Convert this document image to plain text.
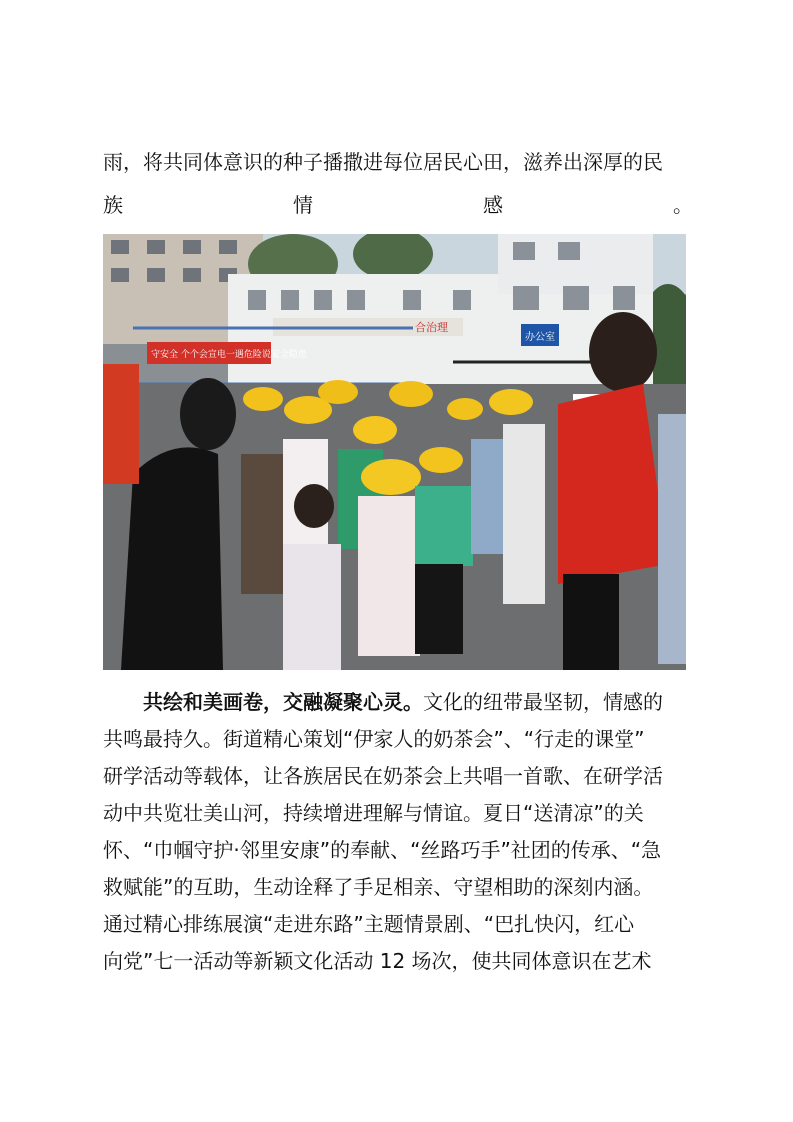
雨，将共同体意识的种子播撒进每位居民心田，滋养出深厚的民
族	情	感	。
守安全 个个会宣电一遇危险说安全隐患
合治理
办公室
共绘和美画卷，交融凝聚心灵。文化的纽带最坚韧，情感的
共鸣最持久。街道精心策划“伊家人的奶茶会”、“行走的课堂”
研学活动等载体，让各族居民在奶茶会上共唱一首歌、在研学活
动中共览壮美山河，持续增进理解与情谊。夏日“送清凉”的关
怀、“巾帼守护·邻里安康”的奉献、“丝路巧手”社团的传承、“急
救赋能”的互助，生动诠释了手足相亲、守望相助的深刻内涵。
通过精心排练展演“走进东路”主题情景剧、“巴扎快闪，红心
向党”七一活动等新颖文化活动 12 场次，使共同体意识在艺术
